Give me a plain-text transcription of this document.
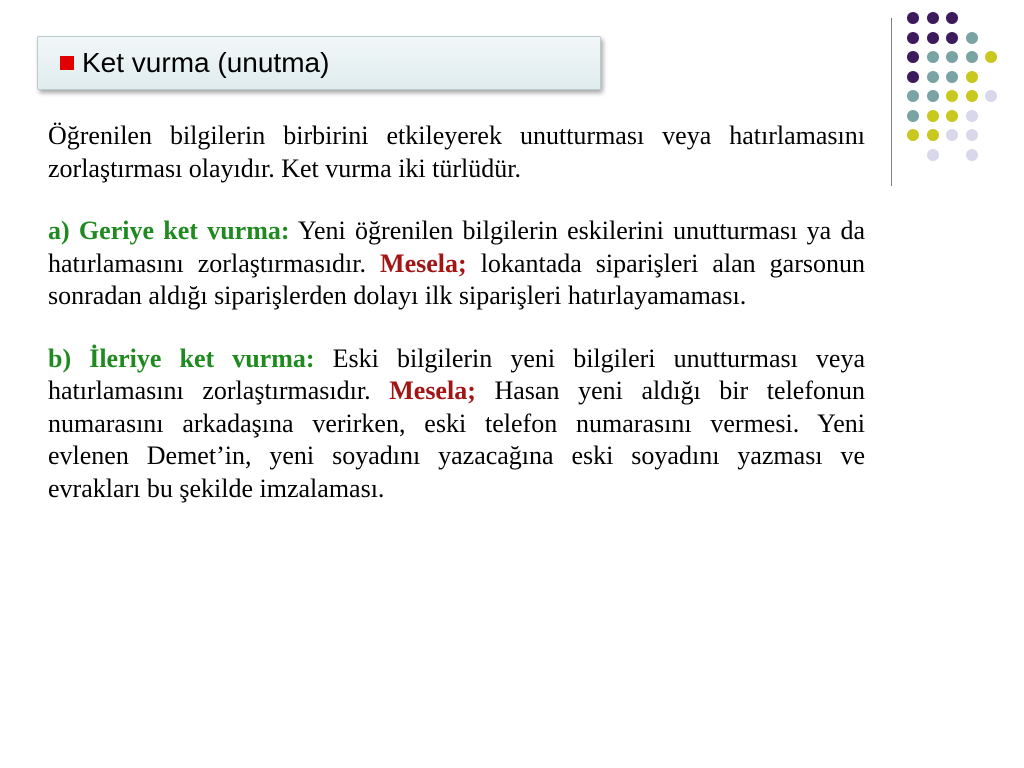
Ket vurma (unutma)

Öğrenilen bilgilerin birbirini etkileyerek unutturması veya hatırlamasını zorlaştırması olayıdır. Ket vurma iki türlüdür.

a) Geriye ket vurma: Yeni öğrenilen bilgilerin eskilerini unutturması ya da hatırlamasını zorlaştırmasıdır. Mesela; lokantada siparişleri alan garsonun sonradan aldığı siparişlerden dolayı ilk siparişleri hatırlayamaması.

b) İleriye ket vurma: Eski bilgilerin yeni bilgileri unutturması veya hatırlamasını zorlaştırmasıdır. Mesela; Hasan yeni aldığı bir telefonun numarasını arkadaşına verirken, eski telefon numarasını vermesi. Yeni evlenen Demet’in, yeni soyadını yazacağına eski soyadını yazması ve evrakları bu şekilde imzalaması.
